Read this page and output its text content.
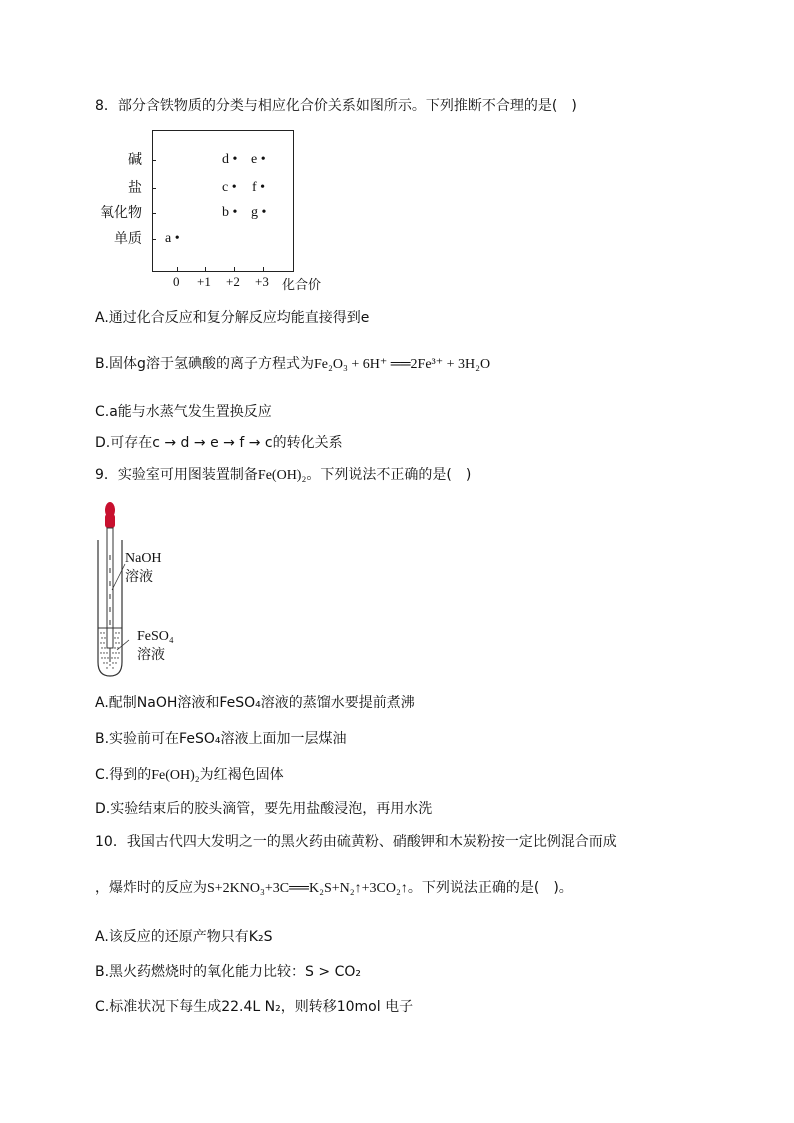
8．部分含铁物质的分类与相应化合价关系如图所示。下列推断不合理的是(　)
碱
盐
氧化物
单质
0 +1 +2 +3 化合价
a •
b •
c •
d • e •
f •
g •
A.通过化合反应和复分解反应均能直接得到e
B.固体g溶于氢碘酸的离子方程式为Fe₂O₃ + 6H⁺ ══2Fe³⁺ + 3H₂O
C.a能与水蒸气发生置换反应
D.可存在c → d → e → f → c的转化关系
9．实验室可用图装置制备Fe(OH)₂。下列说法不正确的是(　)
NaOH
溶液
FeSO₄
溶液
A.配制NaOH溶液和FeSO₄溶液的蒸馏水要提前煮沸
B.实验前可在FeSO₄溶液上面加一层煤油
C.得到的Fe(OH)₂为红褐色固体
D.实验结束后的胶头滴管，要先用盐酸浸泡，再用水洗
10．我国古代四大发明之一的黑火药由硫黄粉、硝酸钾和木炭粉按一定比例混合而成
，爆炸时的反应为S+2KNO₃+3C══K₂S+N₂↑+3CO₂↑。下列说法正确的是(　)。
A.该反应的还原产物只有K₂S
B.黑火药燃烧时的氧化能力比较：S > CO₂
C.标准状况下每生成22.4L N₂，则转移10mol 电子
